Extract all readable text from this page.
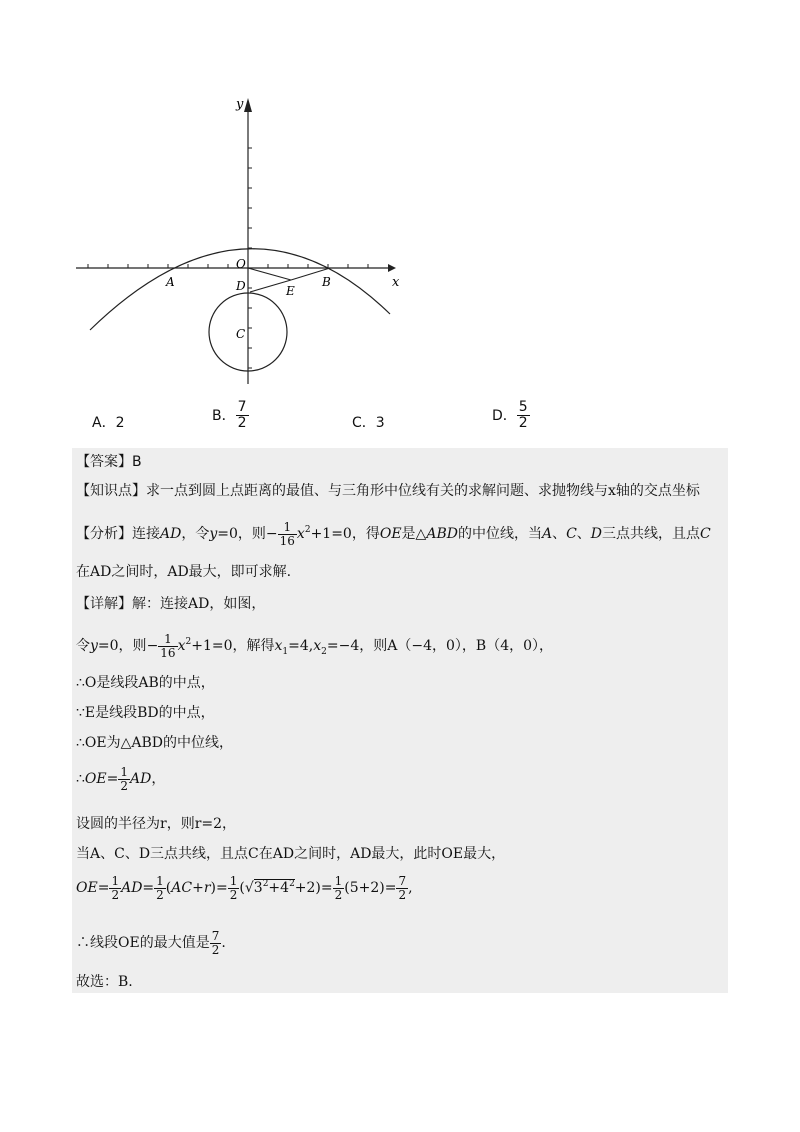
y
x
O
A	D	E
B
C
A．2	B． $\frac{7}{2}$	C．3	D． $\frac{5}{2}$
【答案】B
【知识点】求一点到圆上点距离的最值、与三角形中位线有关的求解问题、求抛物线与x轴的交点坐标
【分析】连接AD，令y=0，则− $\frac{1}{16} x^2+1=0$，得OE是△ABD的中位线，当A、C、D三点共线，且点C
在AD之间时，AD最大，即可求解.
【详解】解：连接AD，如图，
令y=0，则− $\frac{1}{16} x^2+1=0$，解得$x_1=4,x_2=-4$，则A（−4，0），B（4，0），
∴O是线段AB的中点，
∵E是线段BD的中点，
∴OE为△ABD的中位线，
∴OE= $\frac{1}{2}$ AD，
设圆的半径为r，则r=2，
当A、C、D三点共线，且点C在AD之间时，AD最大，此时OE最大，
$OE= \frac{1}{2} AD= \frac{1}{2} (AC+r)= \frac{1}{2} (√3^2+4^2+2)= \frac{1}{2} (5+2)= \frac{7}{2}$ ,
∴线段OE的最大值是 $\frac{7}{2}$ .
故选：B.
